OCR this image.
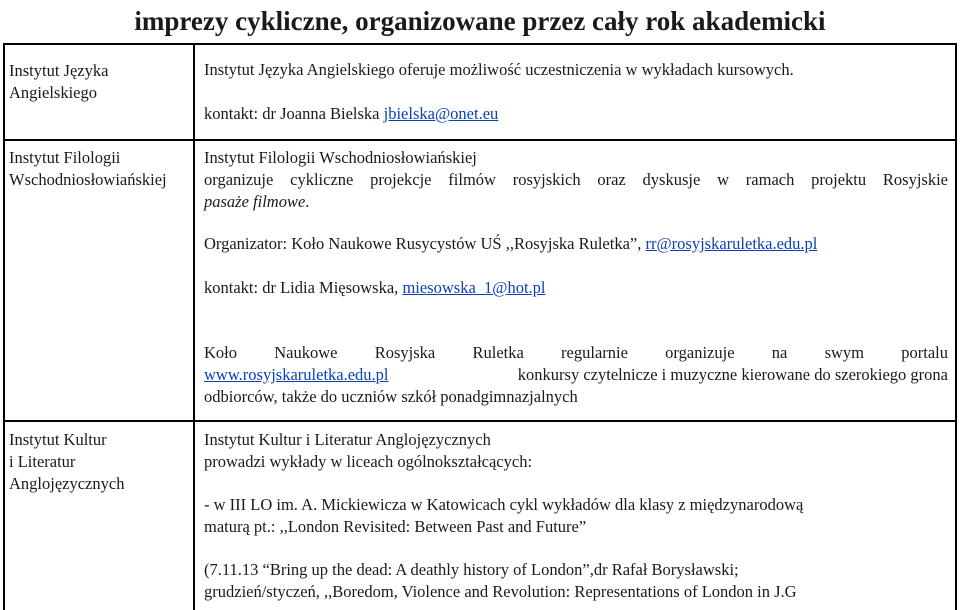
imprezy cykliczne, organizowane przez cały rok akademicki
Instytut Języka
Angielskiego
Instytut Języka Angielskiego oferuje możliwość uczestniczenia w wykładach kursowych.
kontakt: dr Joanna Bielska jbielska@onet.eu
Instytut Filologii
Wschodniosłowiańskiej
Instytut Filologii Wschodniosłowiańskiej
organizuje cykliczne projekcje filmów rosyjskich oraz dyskusje w ramach projektu Rosyjskie
pasaże filmowe.
Organizator: Koło Naukowe Rusycystów UŚ ,,Rosyjska Ruletka”, rr@rosyjskaruletka.edu.pl
kontakt: dr Lidia Mięsowska, miesowska_1@hot.pl
Koło Naukowe Rosyjska Ruletka regularnie organizuje na swym portalu
www.rosyjskaruletka.edu.pl	konkursy czytelnicze i muzyczne kierowane do szerokiego grona
odbiorców, także do uczniów szkół ponadgimnazjalnych
Instytut Kultur
i Literatur
Anglojęzycznych
Instytut Kultur i Literatur Anglojęzycznych
prowadzi wykłady w liceach ogólnokształcących:
- w III LO im. A. Mickiewicza w Katowicach cykl wykładów dla klasy z międzynarodową
maturą pt.: ,,London Revisited: Between Past and Future”
(7.11.13 “Bring up the dead: A deathly history of London”,dr Rafał Borysławski;
grudzień/styczeń, ,,Boredom, Violence and Revolution: Representations of London in J.G
